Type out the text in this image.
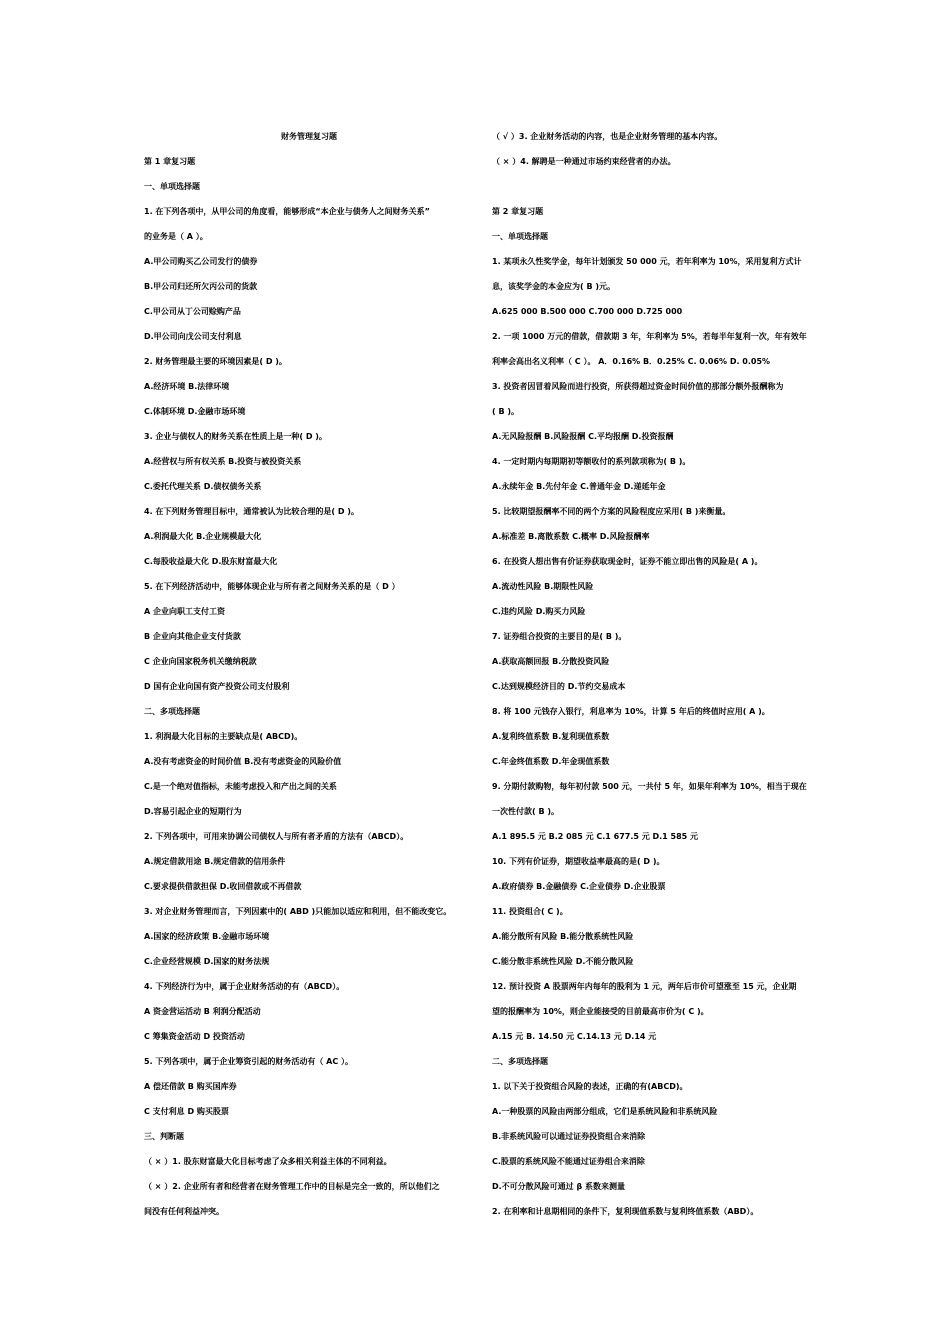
财务管理复习题
第 1 章复习题
一、单项选择题
1. 在下列各项中，从甲公司的角度看，能够形成“本企业与债务人之间财务关系”
的业务是（ A ）。
A.甲公司购买乙公司发行的债券
B.甲公司归还所欠丙公司的货款
C.甲公司从丁公司赊购产品
D.甲公司向戊公司支付利息
2. 财务管理最主要的环境因素是( D )。
A.经济环境 B.法律环境
C.体制环境 D.金融市场环境
3. 企业与债权人的财务关系在性质上是一种( D )。
A.经营权与所有权关系 B.投资与被投资关系
C.委托代理关系 D.债权债务关系
4. 在下列财务管理目标中，通常被认为比较合理的是( D )。
A.利润最大化 B.企业规模最大化
C.每股收益最大化 D.股东财富最大化
5. 在下列经济活动中，能够体现企业与所有者之间财务关系的是（ D ）
A 企业向职工支付工资
B 企业向其他企业支付货款
C 企业向国家税务机关缴纳税款
D 国有企业向国有资产投资公司支付股利
二、多项选择题
1. 利润最大化目标的主要缺点是( ABCD)。
A.没有考虑资金的时间价值 B.没有考虑资金的风险价值
C.是一个绝对值指标，未能考虑投入和产出之间的关系
D.容易引起企业的短期行为
2. 下列各项中，可用来协调公司债权人与所有者矛盾的方法有（ABCD）。
A.规定借款用途 B.规定借款的信用条件
C.要求提供借款担保 D.收回借款或不再借款
3. 对企业财务管理而言，下列因素中的( ABD )只能加以适应和利用，但不能改变它。
A.国家的经济政策 B.金融市场环境
C.企业经营规模 D.国家的财务法规
4. 下列经济行为中，属于企业财务活动的有（ABCD）。
A 资金营运活动 B 利润分配活动
C 筹集资金活动 D 投资活动
5. 下列各项中，属于企业筹资引起的财务活动有（ AC ）。
A 偿还借款 B 购买国库券
C 支付利息 D 购买股票
三、判断题
（ × ）1. 股东财富最大化目标考虑了众多相关利益主体的不同利益。
（ × ）2. 企业所有者和经营者在财务管理工作中的目标是完全一致的，所以他们之
间没有任何利益冲突。
（ √ ）3. 企业财务活动的内容，也是企业财务管理的基本内容。
（ × ）4. 解聘是一种通过市场约束经营者的办法。
第 2 章复习题
一、单项选择题
1. 某项永久性奖学金，每年计划颁发 50 000 元，若年利率为 10%，采用复利方式计
息，该奖学金的本金应为( B )元。
A.625 000 B.500 000 C.700 000 D.725 000
2. 一项 1000 万元的借款，借款期 3 年，年利率为 5%，若每半年复利一次，年有效年
利率会高出名义利率（ C ）。 A．0.16% B．0.25% C. 0.06% D. 0.05%
3. 投资者因冒着风险而进行投资，所获得超过资金时间价值的那部分额外报酬称为
( B )。
A.无风险报酬 B.风险报酬 C.平均报酬 D.投资报酬
4. 一定时期内每期期初等额收付的系列款项称为( B )。
A.永续年金 B.先付年金 C.普通年金 D.递延年金
5. 比较期望报酬率不同的两个方案的风险程度应采用( B )来衡量。
A.标准差 B.离散系数 C.概率 D.风险报酬率
6. 在投资人想出售有价证券获取现金时，证券不能立即出售的风险是( A )。
A.流动性风险 B.期限性风险
C.违约风险 D.购买力风险
7. 证券组合投资的主要目的是( B )。
A.获取高额回报 B.分散投资风险
C.达到规模经济目的 D.节约交易成本
8. 将 100 元钱存入银行，利息率为 10%，计算 5 年后的终值时应用( A )。
A.复利终值系数 B.复利现值系数
C.年金终值系数 D.年金现值系数
9. 分期付款购物，每年初付款 500 元，一共付 5 年，如果年利率为 10%，相当于现在
一次性付款( B )。
A.1 895.5 元 B.2 085 元 C.1 677.5 元 D.1 585 元
10. 下列有价证券，期望收益率最高的是( D )。
A.政府债券 B.金融债券 C.企业债券 D.企业股票
11. 投资组合( C )。
A.能分散所有风险 B.能分散系统性风险
C.能分散非系统性风险 D.不能分散风险
12. 预计投资 A 股票两年内每年的股利为 1 元，两年后市价可望涨至 15 元，企业期
望的报酬率为 10%，则企业能接受的目前最高市价为( C )。
A.15 元 B. 14.50 元 C.14.13 元 D.14 元
二、多项选择题
1. 以下关于投资组合风险的表述，正确的有(ABCD)。
A.一种股票的风险由两部分组成，它们是系统风险和非系统风险
B.非系统风险可以通过证券投资组合来消除
C.股票的系统风险不能通过证券组合来消除
D.不可分散风险可通过 β 系数来测量
2. 在利率和计息期相同的条件下，复利现值系数与复利终值系数（ABD）。
